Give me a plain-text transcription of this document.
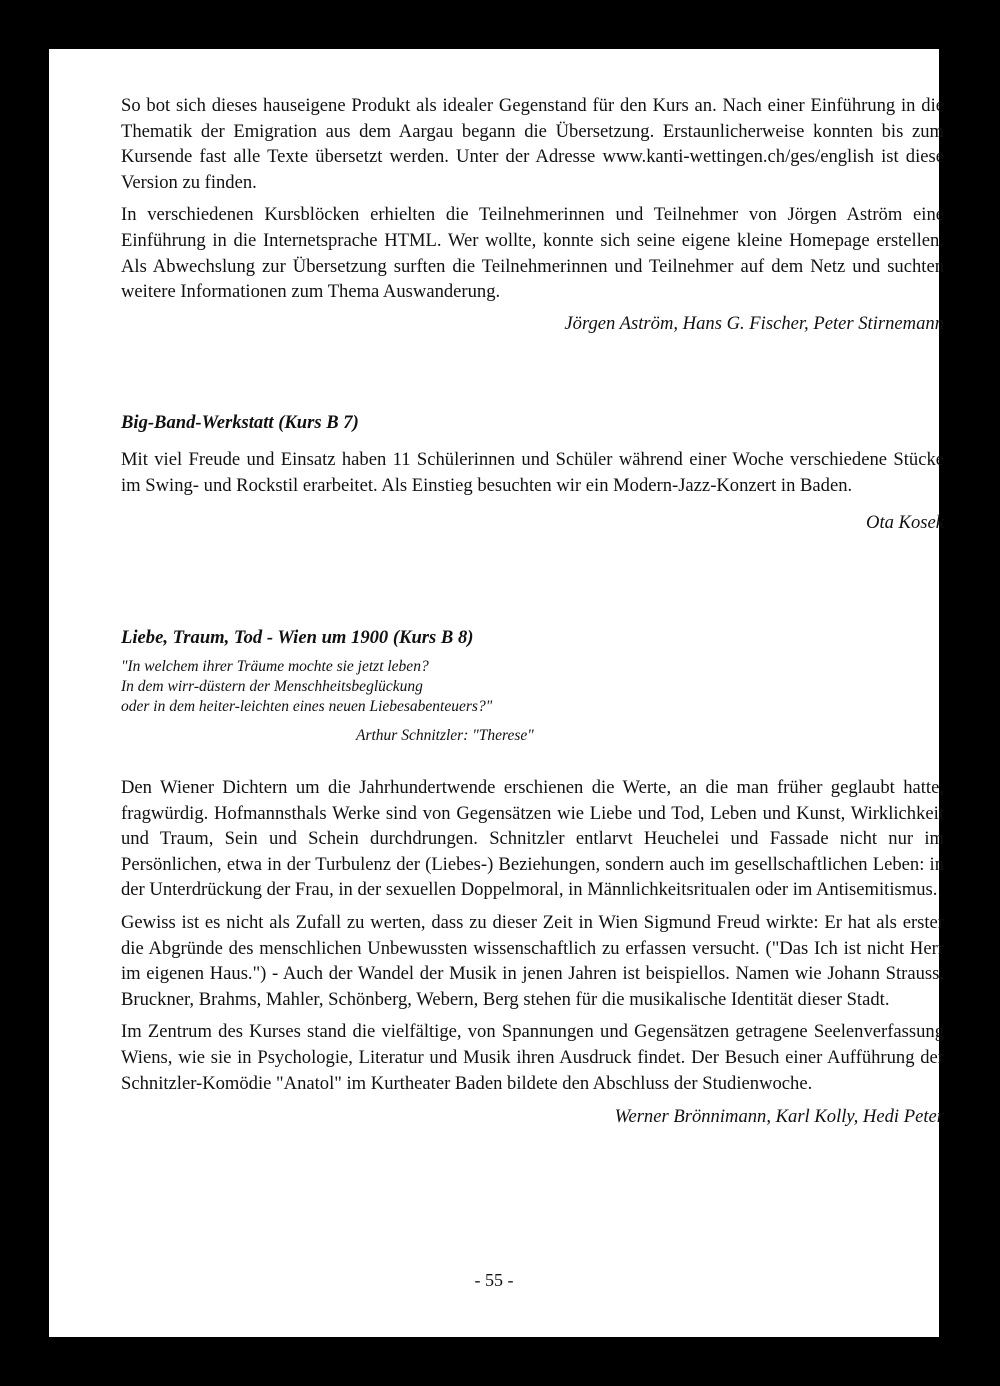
So bot sich dieses hauseigene Produkt als idealer Gegenstand für den Kurs an. Nach einer Einführung in die Thematik der Emigration aus dem Aargau begann die Übersetzung. Erstaunlicherweise konnten bis zum Kursende fast alle Texte übersetzt werden. Unter der Adresse www.kanti-wettingen.ch/ges/english ist diese Version zu finden.

In verschiedenen Kursblöcken erhielten die Teilnehmerinnen und Teilnehmer von Jörgen Aström eine Einführung in die Internetsprache HTML. Wer wollte, konnte sich seine eigene kleine Homepage erstellen. Als Abwechslung zur Übersetzung surften die Teilnehmerinnen und Teilnehmer auf dem Netz und suchten weitere Informationen zum Thema Auswanderung.

Jörgen Aström, Hans G. Fischer, Peter Stirnemann

Big-Band-Werkstatt (Kurs B 7)

Mit viel Freude und Einsatz haben 11 Schülerinnen und Schüler während einer Woche verschiedene Stücke im Swing- und Rockstil erarbeitet. Als Einstieg besuchten wir ein Modern-Jazz-Konzert in Baden.

Ota Kosek

Liebe, Traum, Tod - Wien um 1900 (Kurs B 8)

"In welchem ihrer Träume mochte sie jetzt leben?

In dem wirr-düstern der Menschheitsbeglückung

oder in dem heiter-leichten eines neuen Liebesabenteuers?"

Arthur Schnitzler: "Therese"

Den Wiener Dichtern um die Jahrhundertwende erschienen die Werte, an die man früher geglaubt hatte, fragwürdig. Hofmannsthals Werke sind von Gegensätzen wie Liebe und Tod, Leben und Kunst, Wirklichkeit und Traum, Sein und Schein durchdrungen. Schnitzler entlarvt Heuchelei und Fassade nicht nur im Persönlichen, etwa in der Turbulenz der (Liebes-) Beziehungen, sondern auch im gesellschaftlichen Leben: in der Unterdrückung der Frau, in der sexuellen Doppelmoral, in Männlichkeitsritualen oder im Antisemitismus.

Gewiss ist es nicht als Zufall zu werten, dass zu dieser Zeit in Wien Sigmund Freud wirkte: Er hat als erster die Abgründe des menschlichen Unbewussten wissenschaftlich zu erfassen versucht. ("Das Ich ist nicht Herr im eigenen Haus.") - Auch der Wandel der Musik in jenen Jahren ist beispiellos. Namen wie Johann Strauss, Bruckner, Brahms, Mahler, Schönberg, Webern, Berg stehen für die musikalische Identität dieser Stadt.

Im Zentrum des Kurses stand die vielfältige, von Spannungen und Gegensätzen getragene Seelenverfassung Wiens, wie sie in Psychologie, Literatur und Musik ihren Ausdruck findet. Der Besuch einer Aufführung der Schnitzler-Komödie "Anatol" im Kurtheater Baden bildete den Abschluss der Studienwoche.

Werner Brönnimann, Karl Kolly, Hedi Peter

- 55 -
